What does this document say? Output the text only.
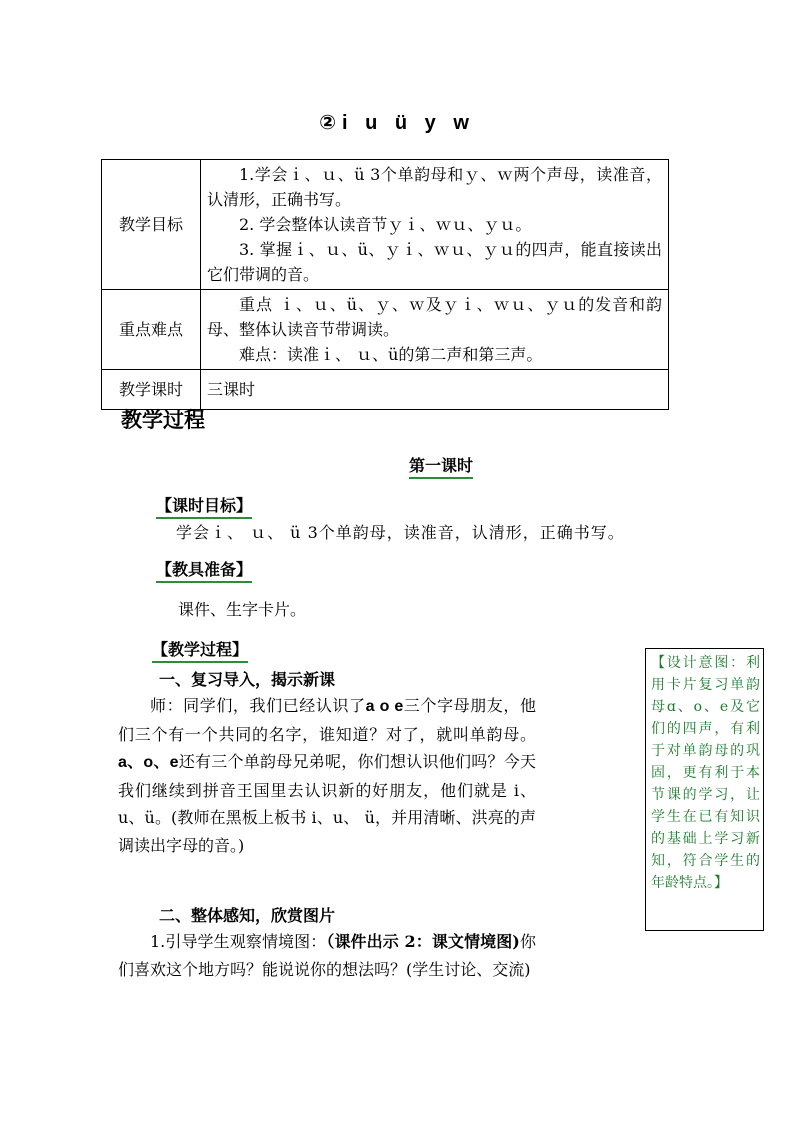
②i u ü y w
教学目标	1.学会ｉ、ｕ、ü 3个单韵母和ｙ、ｗ两个声母，读准音，认清形，正确书写。
2. 学会整体认读音节ｙｉ、ｗｕ、ｙｕ。
3. 掌握ｉ、ｕ、ü、ｙｉ、ｗｕ、ｙｕ的四声，能直接读出它们带调的音。

重点难点	重点 ｉ、ｕ、ü、ｙ、ｗ及ｙｉ、ｗｕ、ｙｕ的发音和韵母、整体认读音节带调读。
难点：读准ｉ、 ｕ、ü的第二声和第三声。

教学课时	三课时
教学过程
第一课时
【课时目标】
学会ｉ、 ｕ、 ü 3个单韵母，读准音，认清形，正确书写。
【教具准备】
课件、生字卡片。
【教学过程】
一、复习导入，揭示新课
师：同学们，我们已经认识了a o e三个字母朋友，他们三个有一个共同的名字，谁知道？对了，就叫单韵母。a、o、e还有三个单韵母兄弟呢，你们想认识他们吗？今天我们继续到拼音王国里去认识新的好朋友，他们就是 i、u、ü。(教师在黑板上板书 i、u、 ü，并用清晰、洪亮的声调读出字母的音。)
二、整体感知，欣赏图片
1.引导学生观察情境图：（课件出示 2：课文情境图)你们喜欢这个地方吗？能说说你的想法吗？(学生讨论、交流)
【设计意图：利用卡片复习单韵母ɑ、o、e及它们的四声，有利于对单韵母的巩固，更有利于本节课的学习，让学生在已有知识的基础上学习新知，符合学生的年龄特点。】
